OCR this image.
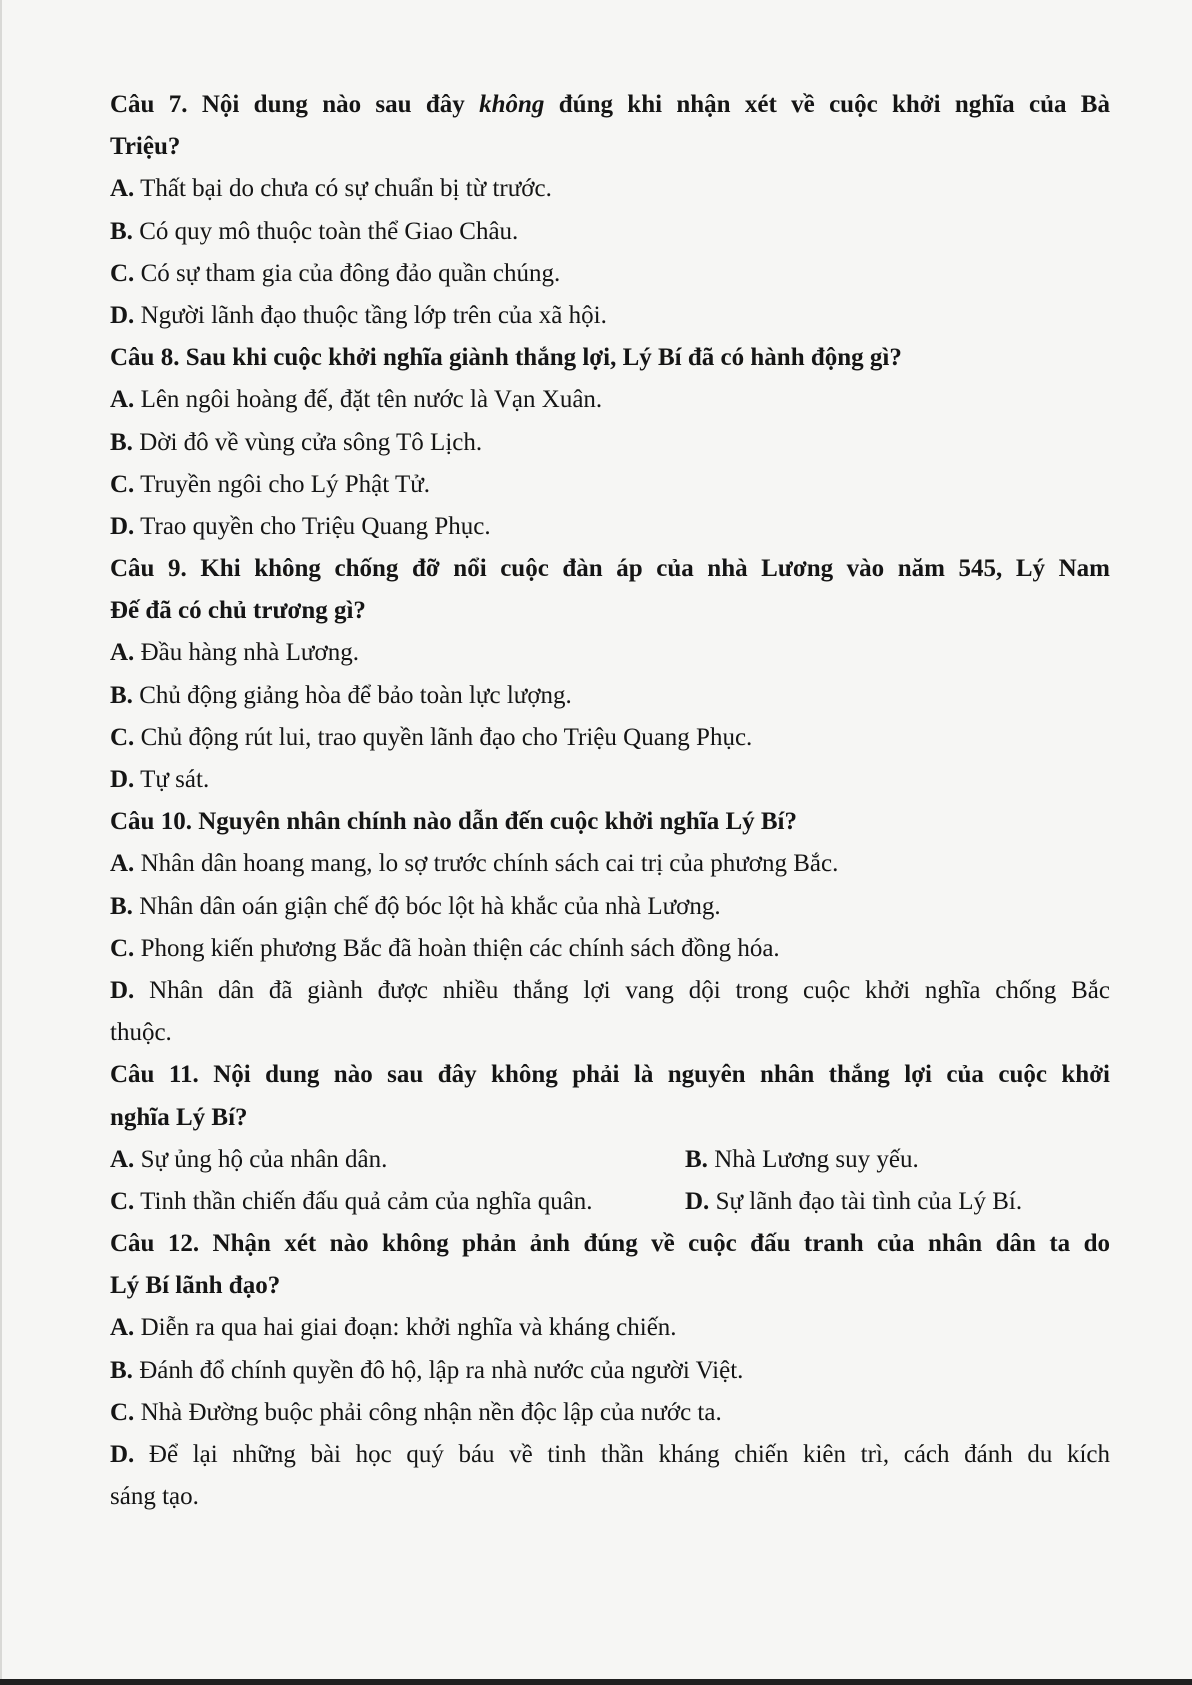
Câu 7. Nội dung nào sau đây không đúng khi nhận xét về cuộc khởi nghĩa của Bà
Triệu?
A. Thất bại do chưa có sự chuẩn bị từ trước.
B. Có quy mô thuộc toàn thể Giao Châu.
C. Có sự tham gia của đông đảo quần chúng.
D. Người lãnh đạo thuộc tầng lớp trên của xã hội.
Câu 8. Sau khi cuộc khởi nghĩa giành thắng lợi, Lý Bí đã có hành động gì?
A. Lên ngôi hoàng đế, đặt tên nước là Vạn Xuân.
B. Dời đô về vùng cửa sông Tô Lịch.
C. Truyền ngôi cho Lý Phật Tử.
D. Trao quyền cho Triệu Quang Phục.
Câu 9. Khi không chống đỡ nổi cuộc đàn áp của nhà Lương vào năm 545, Lý Nam
Đế đã có chủ trương gì?
A. Đầu hàng nhà Lương.
B. Chủ động giảng hòa để bảo toàn lực lượng.
C. Chủ động rút lui, trao quyền lãnh đạo cho Triệu Quang Phục.
D. Tự sát.
Câu 10. Nguyên nhân chính nào dẫn đến cuộc khởi nghĩa Lý Bí?
A. Nhân dân hoang mang, lo sợ trước chính sách cai trị của phương Bắc.
B. Nhân dân oán giận chế độ bóc lột hà khắc của nhà Lương.
C. Phong kiến phương Bắc đã hoàn thiện các chính sách đồng hóa.
D. Nhân dân đã giành được nhiều thắng lợi vang dội trong cuộc khởi nghĩa chống Bắc
thuộc.
Câu 11. Nội dung nào sau đây không phải là nguyên nhân thắng lợi của cuộc khởi
nghĩa Lý Bí?
A. Sự ủng hộ của nhân dân.	B. Nhà Lương suy yếu.
C. Tinh thần chiến đấu quả cảm của nghĩa quân.	D. Sự lãnh đạo tài tình của Lý Bí.
Câu 12. Nhận xét nào không phản ảnh đúng về cuộc đấu tranh của nhân dân ta do
Lý Bí lãnh đạo?
A. Diễn ra qua hai giai đoạn: khởi nghĩa và kháng chiến.
B. Đánh đổ chính quyền đô hộ, lập ra nhà nước của người Việt.
C. Nhà Đường buộc phải công nhận nền độc lập của nước ta.
D. Để lại những bài học quý báu về tinh thần kháng chiến kiên trì, cách đánh du kích
sáng tạo.
